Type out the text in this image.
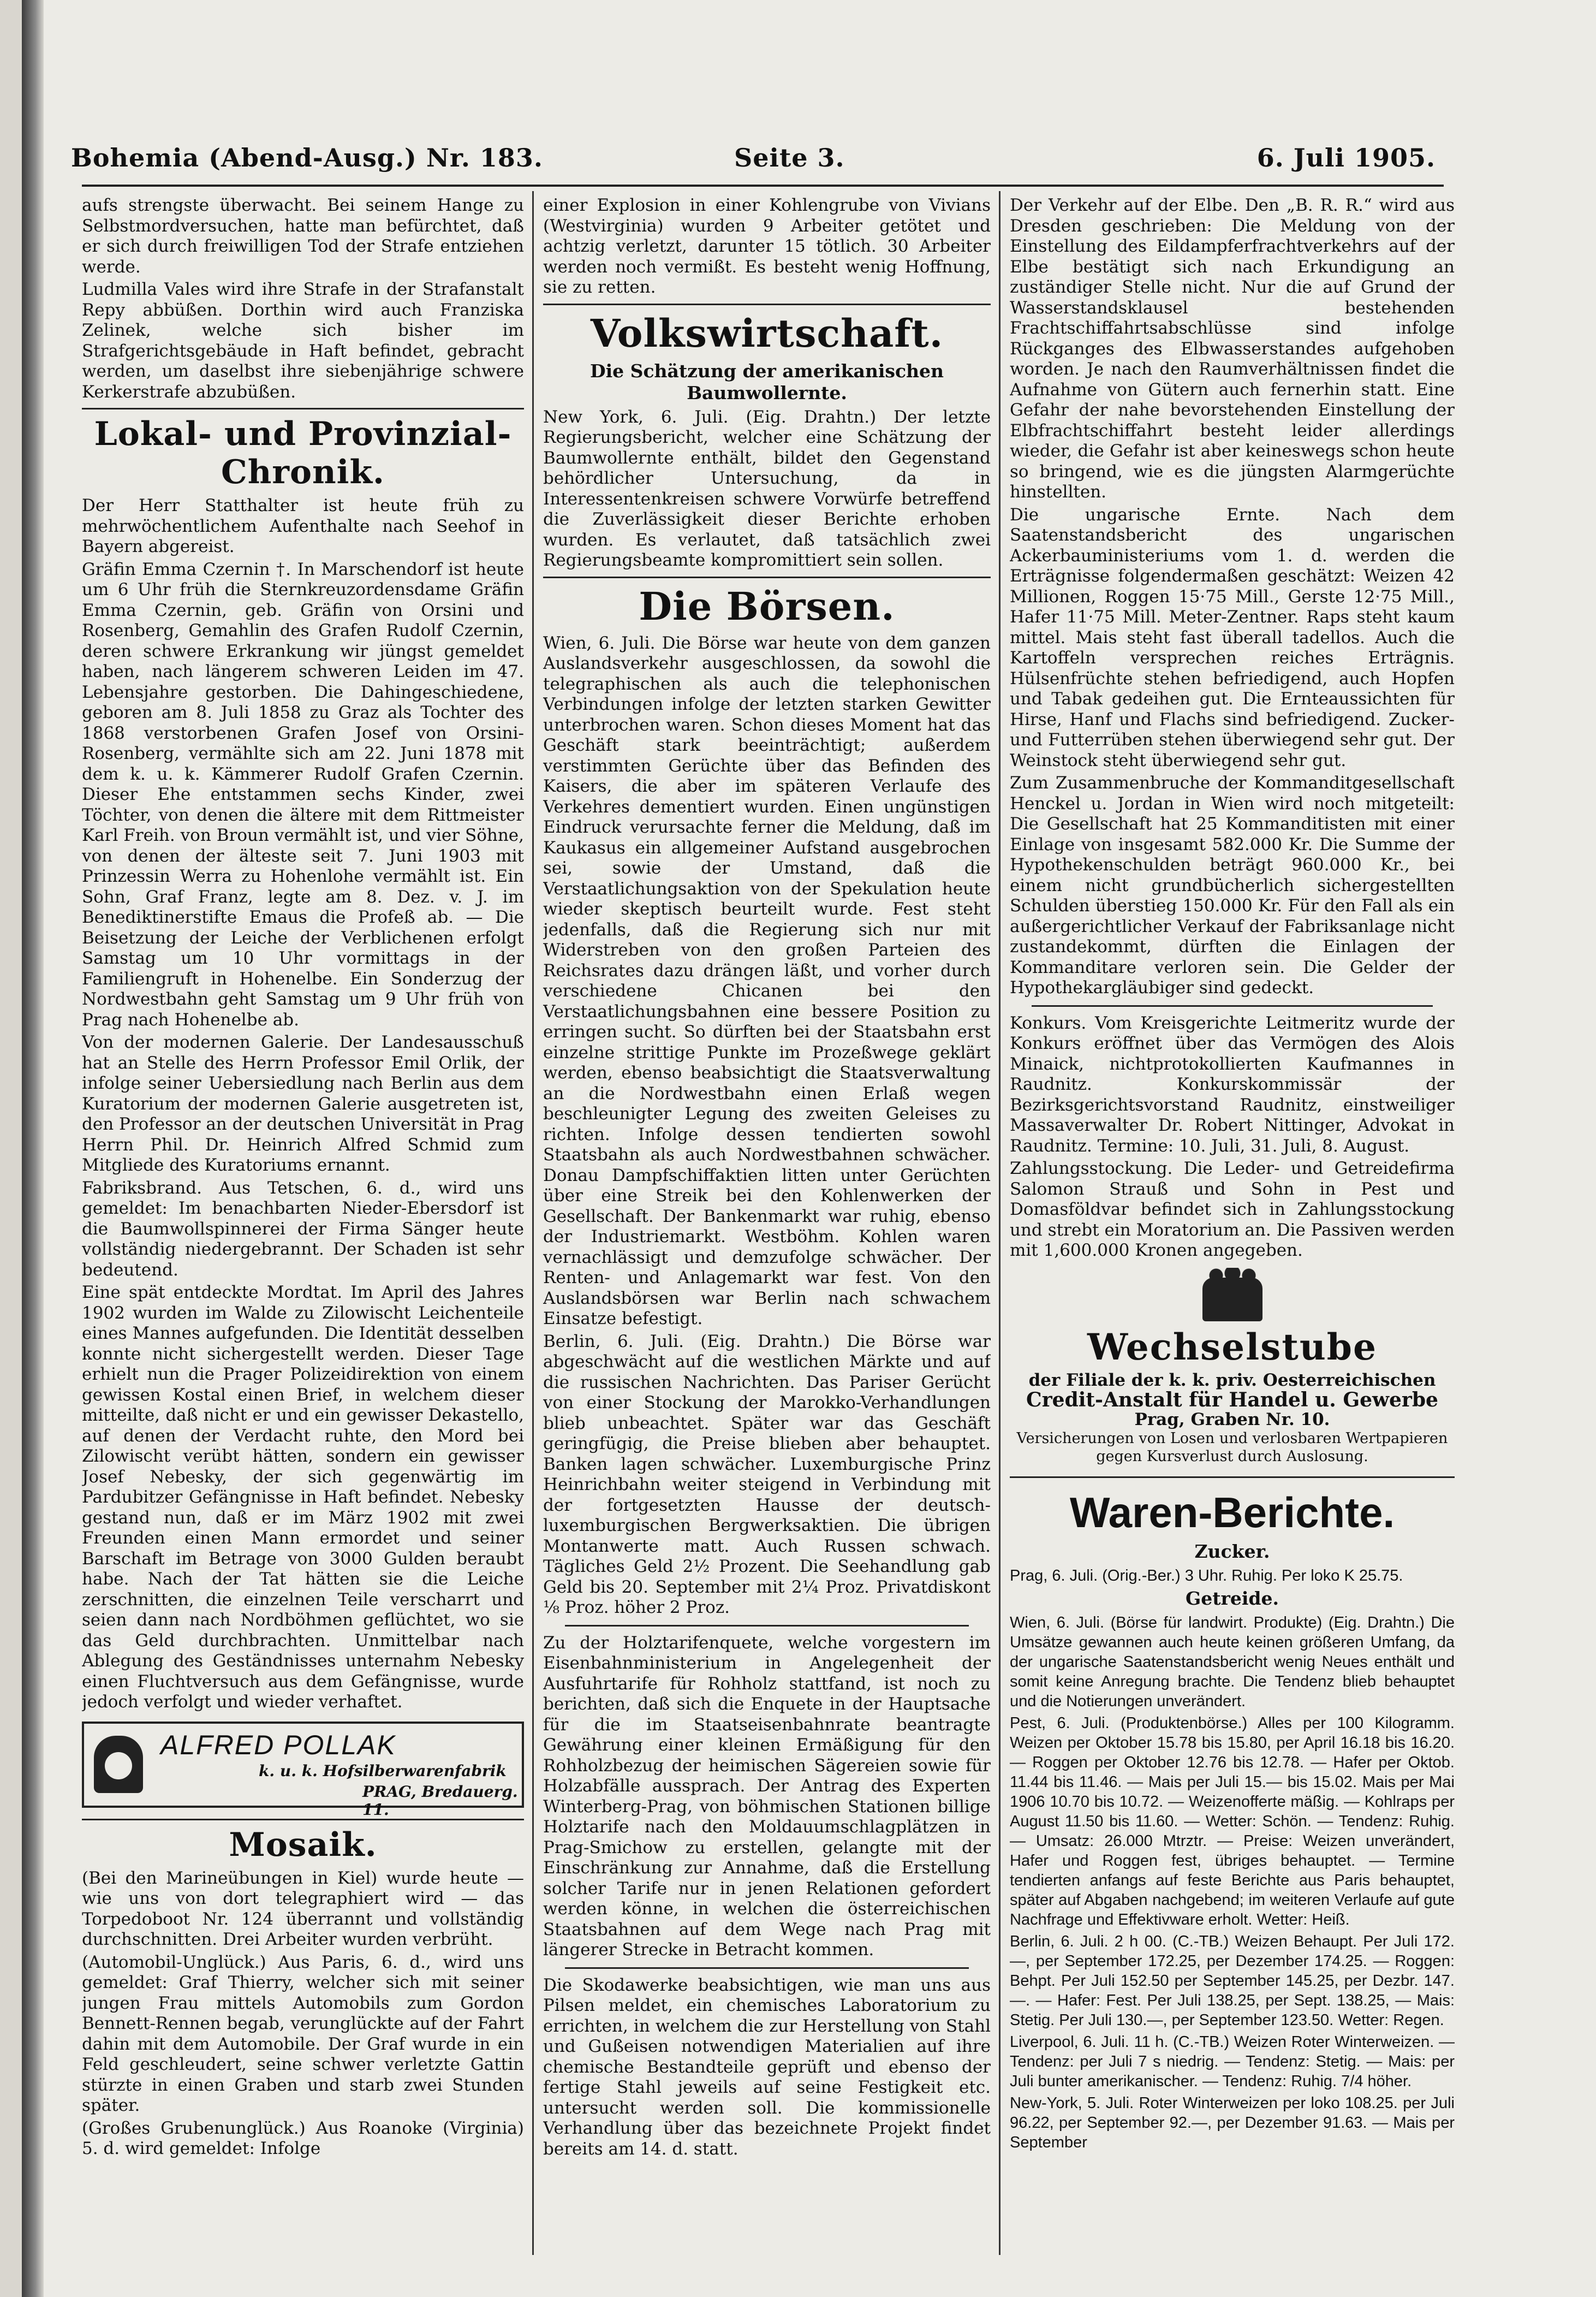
Bohemia (Abend-Ausg.) Nr. 183.	Seite 3.	6. Juli 1905.

aufs strengste überwacht. Bei seinem Hange zu Selbstmordversuchen, hatte man befürchtet, daß er sich durch freiwilligen Tod der Strafe entziehen werde.

Ludmilla Vales wird ihre Strafe in der Strafanstalt Repy abbüßen. Dorthin wird auch Franziska Zelinek, welche sich bisher im Strafgerichtsgebäude in Haft befindet, gebracht werden, um daselbst ihre siebenjährige schwere Kerkerstrafe abzubüßen.

Lokal- und Provinzial-Chronik.

Der Herr Statthalter ist heute früh zu mehrwöchentlichem Aufenthalte nach Seehof in Bayern abgereist.

Gräfin Emma Czernin †. In Marschendorf ist heute um 6 Uhr früh die Sternkreuzordensdame Gräfin Emma Czernin, geb. Gräfin von Orsini und Rosenberg, Gemahlin des Grafen Rudolf Czernin, deren schwere Erkrankung wir jüngst gemeldet haben, nach längerem schweren Leiden im 47. Lebensjahre gestorben. Die Dahingeschiedene, geboren am 8. Juli 1858 zu Graz als Tochter des 1868 verstorbenen Grafen Josef von Orsini-Rosenberg, vermählte sich am 22. Juni 1878 mit dem k. u. k. Kämmerer Rudolf Grafen Czernin. Dieser Ehe entstammen sechs Kinder, zwei Töchter, von denen die ältere mit dem Rittmeister Karl Freih. von Broun vermählt ist, und vier Söhne, von denen der älteste seit 7. Juni 1903 mit Prinzessin Werra zu Hohenlohe vermählt ist. Ein Sohn, Graf Franz, legte am 8. Dez. v. J. im Benediktinerstifte Emaus die Profeß ab. — Die Beisetzung der Leiche der Verblichenen erfolgt Samstag um 10 Uhr vormittags in der Familiengruft in Hohenelbe. Ein Sonderzug der Nordwestbahn geht Samstag um 9 Uhr früh von Prag nach Hohenelbe ab.

Von der modernen Galerie. Der Landesausschuß hat an Stelle des Herrn Professor Emil Orlik, der infolge seiner Uebersiedlung nach Berlin aus dem Kuratorium der modernen Galerie ausgetreten ist, den Professor an der deutschen Universität in Prag Herrn Phil. Dr. Heinrich Alfred Schmid zum Mitgliede des Kuratoriums ernannt.

Fabriksbrand. Aus Tetschen, 6. d., wird uns gemeldet: Im benachbarten Nieder-Ebersdorf ist die Baumwollspinnerei der Firma Sänger heute vollständig niedergebrannt. Der Schaden ist sehr bedeutend.

Eine spät entdeckte Mordtat. Im April des Jahres 1902 wurden im Walde zu Zilowischt Leichenteile eines Mannes aufgefunden. Die Identität desselben konnte nicht sichergestellt werden. Dieser Tage erhielt nun die Prager Polizeidirektion von einem gewissen Kostal einen Brief, in welchem dieser mitteilte, daß nicht er und ein gewisser Dekastello, auf denen der Verdacht ruhte, den Mord bei Zilowischt verübt hätten, sondern ein gewisser Josef Nebesky, der sich gegenwärtig im Pardubitzer Gefängnisse in Haft befindet. Nebesky gestand nun, daß er im März 1902 mit zwei Freunden einen Mann ermordet und seiner Barschaft im Betrage von 3000 Gulden beraubt habe. Nach der Tat hätten sie die Leiche zerschnitten, die einzelnen Teile verscharrt und seien dann nach Nordböhmen geflüchtet, wo sie das Geld durchbrachten. Unmittelbar nach Ablegung des Geständnisses unternahm Nebesky einen Fluchtversuch aus dem Gefängnisse, wurde jedoch verfolgt und wieder verhaftet.

ALFRED POLLAK
k. u. k. Hofsilberwarenfabrik
PRAG, Bredauerg. 11.
Mosaik.

(Bei den Marineübungen in Kiel) wurde heute — wie uns von dort telegraphiert wird — das Torpedoboot Nr. 124 überrannt und vollständig durchschnitten. Drei Arbeiter wurden verbrüht.

(Automobil-Unglück.) Aus Paris, 6. d., wird uns gemeldet: Graf Thierry, welcher sich mit seiner jungen Frau mittels Automobils zum Gordon Bennett-Rennen begab, verunglückte auf der Fahrt dahin mit dem Automobile. Der Graf wurde in ein Feld geschleudert, seine schwer verletzte Gattin stürzte in einen Graben und starb zwei Stunden später.

(Großes Grubenunglück.) Aus Roanoke (Virginia) 5. d. wird gemeldet: Infolge

einer Explosion in einer Kohlengrube von Vivians (Westvirginia) wurden 9 Arbeiter getötet und achtzig verletzt, darunter 15 tötlich. 30 Arbeiter werden noch vermißt. Es besteht wenig Hoffnung, sie zu retten.

Volkswirtschaft.
Die Schätzung der amerikanischen Baumwollernte.

New York, 6. Juli. (Eig. Drahtn.) Der letzte Regierungsbericht, welcher eine Schätzung der Baumwollernte enthält, bildet den Gegenstand behördlicher Untersuchung, da in Interessentenkreisen schwere Vorwürfe betreffend die Zuverlässigkeit dieser Berichte erhoben wurden. Es verlautet, daß tatsächlich zwei Regierungsbeamte kompromittiert sein sollen.

Die Börsen.

Wien, 6. Juli. Die Börse war heute von dem ganzen Auslandsverkehr ausgeschlossen, da sowohl die telegraphischen als auch die telephonischen Verbindungen infolge der letzten starken Gewitter unterbrochen waren. Schon dieses Moment hat das Geschäft stark beeinträchtigt; außerdem verstimmten Gerüchte über das Befinden des Kaisers, die aber im späteren Verlaufe des Verkehres dementiert wurden. Einen ungünstigen Eindruck verursachte ferner die Meldung, daß im Kaukasus ein allgemeiner Aufstand ausgebrochen sei, sowie der Umstand, daß die Verstaatlichungsaktion von der Spekulation heute wieder skeptisch beurteilt wurde. Fest steht jedenfalls, daß die Regierung sich nur mit Widerstreben von den großen Parteien des Reichsrates dazu drängen läßt, und vorher durch verschiedene Chicanen bei den Verstaatlichungsbahnen eine bessere Position zu erringen sucht. So dürften bei der Staatsbahn erst einzelne strittige Punkte im Prozeßwege geklärt werden, ebenso beabsichtigt die Staatsverwaltung an die Nordwestbahn einen Erlaß wegen beschleunigter Legung des zweiten Geleises zu richten. Infolge dessen tendierten sowohl Staatsbahn als auch Nordwestbahnen schwächer. Donau Dampfschiffaktien litten unter Gerüchten über eine Streik bei den Kohlenwerken der Gesellschaft. Der Bankenmarkt war ruhig, ebenso der Industriemarkt. Westböhm. Kohlen waren vernachlässigt und demzufolge schwächer. Der Renten- und Anlagemarkt war fest. Von den Auslandsbörsen war Berlin nach schwachem Einsatze befestigt.

Berlin, 6. Juli. (Eig. Drahtn.) Die Börse war abgeschwächt auf die westlichen Märkte und auf die russischen Nachrichten. Das Pariser Gerücht von einer Stockung der Marokko-Verhandlungen blieb unbeachtet. Später war das Geschäft geringfügig, die Preise blieben aber behauptet. Banken lagen schwächer. Luxemburgische Prinz Heinrichbahn weiter steigend in Verbindung mit der fortgesetzten Hausse der deutsch-luxemburgischen Bergwerksaktien. Die übrigen Montanwerte matt. Auch Russen schwach. Tägliches Geld 2½ Prozent. Die Seehandlung gab Geld bis 20. September mit 2¼ Proz. Privatdiskont ⅛ Proz. höher 2 Proz.

Zu der Holztarifenquete, welche vorgestern im Eisenbahnministerium in Angelegenheit der Ausfuhrtarife für Rohholz stattfand, ist noch zu berichten, daß sich die Enquete in der Hauptsache für die im Staatseisenbahnrate beantragte Gewährung einer kleinen Ermäßigung für den Rohholzbezug der heimischen Sägereien sowie für Holzabfälle aussprach. Der Antrag des Experten Winterberg-Prag, von böhmischen Stationen billige Holztarife nach den Moldauumschlagplätzen in Prag-Smichow zu erstellen, gelangte mit der Einschränkung zur Annahme, daß die Erstellung solcher Tarife nur in jenen Relationen gefordert werden könne, in welchen die österreichischen Staatsbahnen auf dem Wege nach Prag mit längerer Strecke in Betracht kommen.

Die Skodawerke beabsichtigen, wie man uns aus Pilsen meldet, ein chemisches Laboratorium zu errichten, in welchem die zur Herstellung von Stahl und Gußeisen notwendigen Materialien auf ihre chemische Bestandteile geprüft und ebenso der fertige Stahl jeweils auf seine Festigkeit etc. untersucht werden soll. Die kommissionelle Verhandlung über das bezeichnete Projekt findet bereits am 14. d. statt.

Der Verkehr auf der Elbe. Den „B. R. R.“ wird aus Dresden geschrieben: Die Meldung von der Einstellung des Eildampferfrachtverkehrs auf der Elbe bestätigt sich nach Erkundigung an zuständiger Stelle nicht. Nur die auf Grund der Wasserstandsklausel bestehenden Frachtschiffahrtsabschlüsse sind infolge Rückganges des Elbwasserstandes aufgehoben worden. Je nach den Raumverhältnissen findet die Aufnahme von Gütern auch fernerhin statt. Eine Gefahr der nahe bevorstehenden Einstellung der Elbfrachtschiffahrt besteht leider allerdings wieder, die Gefahr ist aber keineswegs schon heute so bringend, wie es die jüngsten Alarmgerüchte hinstellten.

Die ungarische Ernte. Nach dem Saatenstandsbericht des ungarischen Ackerbauministeriums vom 1. d. werden die Erträgnisse folgendermaßen geschätzt: Weizen 42 Millionen, Roggen 15·75 Mill., Gerste 12·75 Mill., Hafer 11·75 Mill. Meter-Zentner. Raps steht kaum mittel. Mais steht fast überall tadellos. Auch die Kartoffeln versprechen reiches Erträgnis. Hülsenfrüchte stehen befriedigend, auch Hopfen und Tabak gedeihen gut. Die Ernteaussichten für Hirse, Hanf und Flachs sind befriedigend. Zucker- und Futterrüben stehen überwiegend sehr gut. Der Weinstock steht überwiegend sehr gut.

Zum Zusammenbruche der Kommanditgesellschaft Henckel u. Jordan in Wien wird noch mitgeteilt: Die Gesellschaft hat 25 Kommanditisten mit einer Einlage von insgesamt 582.000 Kr. Die Summe der Hypothekenschulden beträgt 960.000 Kr., bei einem nicht grundbücherlich sichergestellten Schulden überstieg 150.000 Kr. Für den Fall als ein außergerichtlicher Verkauf der Fabriksanlage nicht zustandekommt, dürften die Einlagen der Kommanditare verloren sein. Die Gelder der Hypothekargläubiger sind gedeckt.

Konkurs. Vom Kreisgerichte Leitmeritz wurde der Konkurs eröffnet über das Vermögen des Alois Minaick, nichtprotokollierten Kaufmannes in Raudnitz. Konkurskommissär der Bezirksgerichtsvorstand Raudnitz, einstweiliger Massaverwalter Dr. Robert Nittinger, Advokat in Raudnitz. Termine: 10. Juli, 31. Juli, 8. August.

Zahlungsstockung. Die Leder- und Getreidefirma Salomon Strauß und Sohn in Pest und Domasföldvar befindet sich in Zahlungsstockung und strebt ein Moratorium an. Die Passiven werden mit 1,600.000 Kronen angegeben.

Wechselstube

der Filiale der k. k. priv. Oesterreichischen

Credit-Anstalt für Handel u. Gewerbe

Prag, Graben Nr. 10.

Versicherungen von Losen und verlosbaren Wertpapieren gegen Kursverlust durch Auslosung.

Waren-Berichte.
Zucker.

Prag, 6. Juli. (Orig.-Ber.) 3 Uhr. Ruhig. Per loko K 25.75.

Getreide.

Wien, 6. Juli. (Börse für landwirt. Produkte) (Eig. Drahtn.) Die Umsätze gewannen auch heute keinen größeren Umfang, da der ungarische Saatenstandsbericht wenig Neues enthält und somit keine Anregung brachte. Die Tendenz blieb behauptet und die Notierungen unverändert.

Pest, 6. Juli. (Produktenbörse.) Alles per 100 Kilogramm. Weizen per Oktober 15.78 bis 15.80, per April 16.18 bis 16.20. — Roggen per Oktober 12.76 bis 12.78. — Hafer per Oktob. 11.44 bis 11.46. — Mais per Juli 15.— bis 15.02. Mais per Mai 1906 10.70 bis 10.72. — Weizenofferte mäßig. — Kohlraps per August 11.50 bis 11.60. — Wetter: Schön. — Tendenz: Ruhig. — Umsatz: 26.000 Mtrztr. — Preise: Weizen unverändert, Hafer und Roggen fest, übriges behauptet. — Termine tendierten anfangs auf feste Berichte aus Paris behauptet, später auf Abgaben nachgebend; im weiteren Verlaufe auf gute Nachfrage und Effektivware erholt. Wetter: Heiß.

Berlin, 6. Juli. 2 h 00. (C.-TB.) Weizen Behaupt. Per Juli 172.—, per September 172.25, per Dezember 174.25. — Roggen: Behpt. Per Juli 152.50 per September 145.25, per Dezbr. 147.—. — Hafer: Fest. Per Juli 138.25, per Sept. 138.25, — Mais: Stetig. Per Juli 130.—, per September 123.50. Wetter: Regen.

Liverpool, 6. Juli. 11 h. (C.-TB.) Weizen Roter Winterweizen. — Tendenz: per Juli 7 s niedrig. — Tendenz: Stetig. — Mais: per Juli bunter amerikanischer. — Tendenz: Ruhig. 7/4 höher.

New-York, 5. Juli. Roter Winterweizen per loko 108.25. per Juli 96.22, per September 92.—, per Dezember 91.63. — Mais per September
